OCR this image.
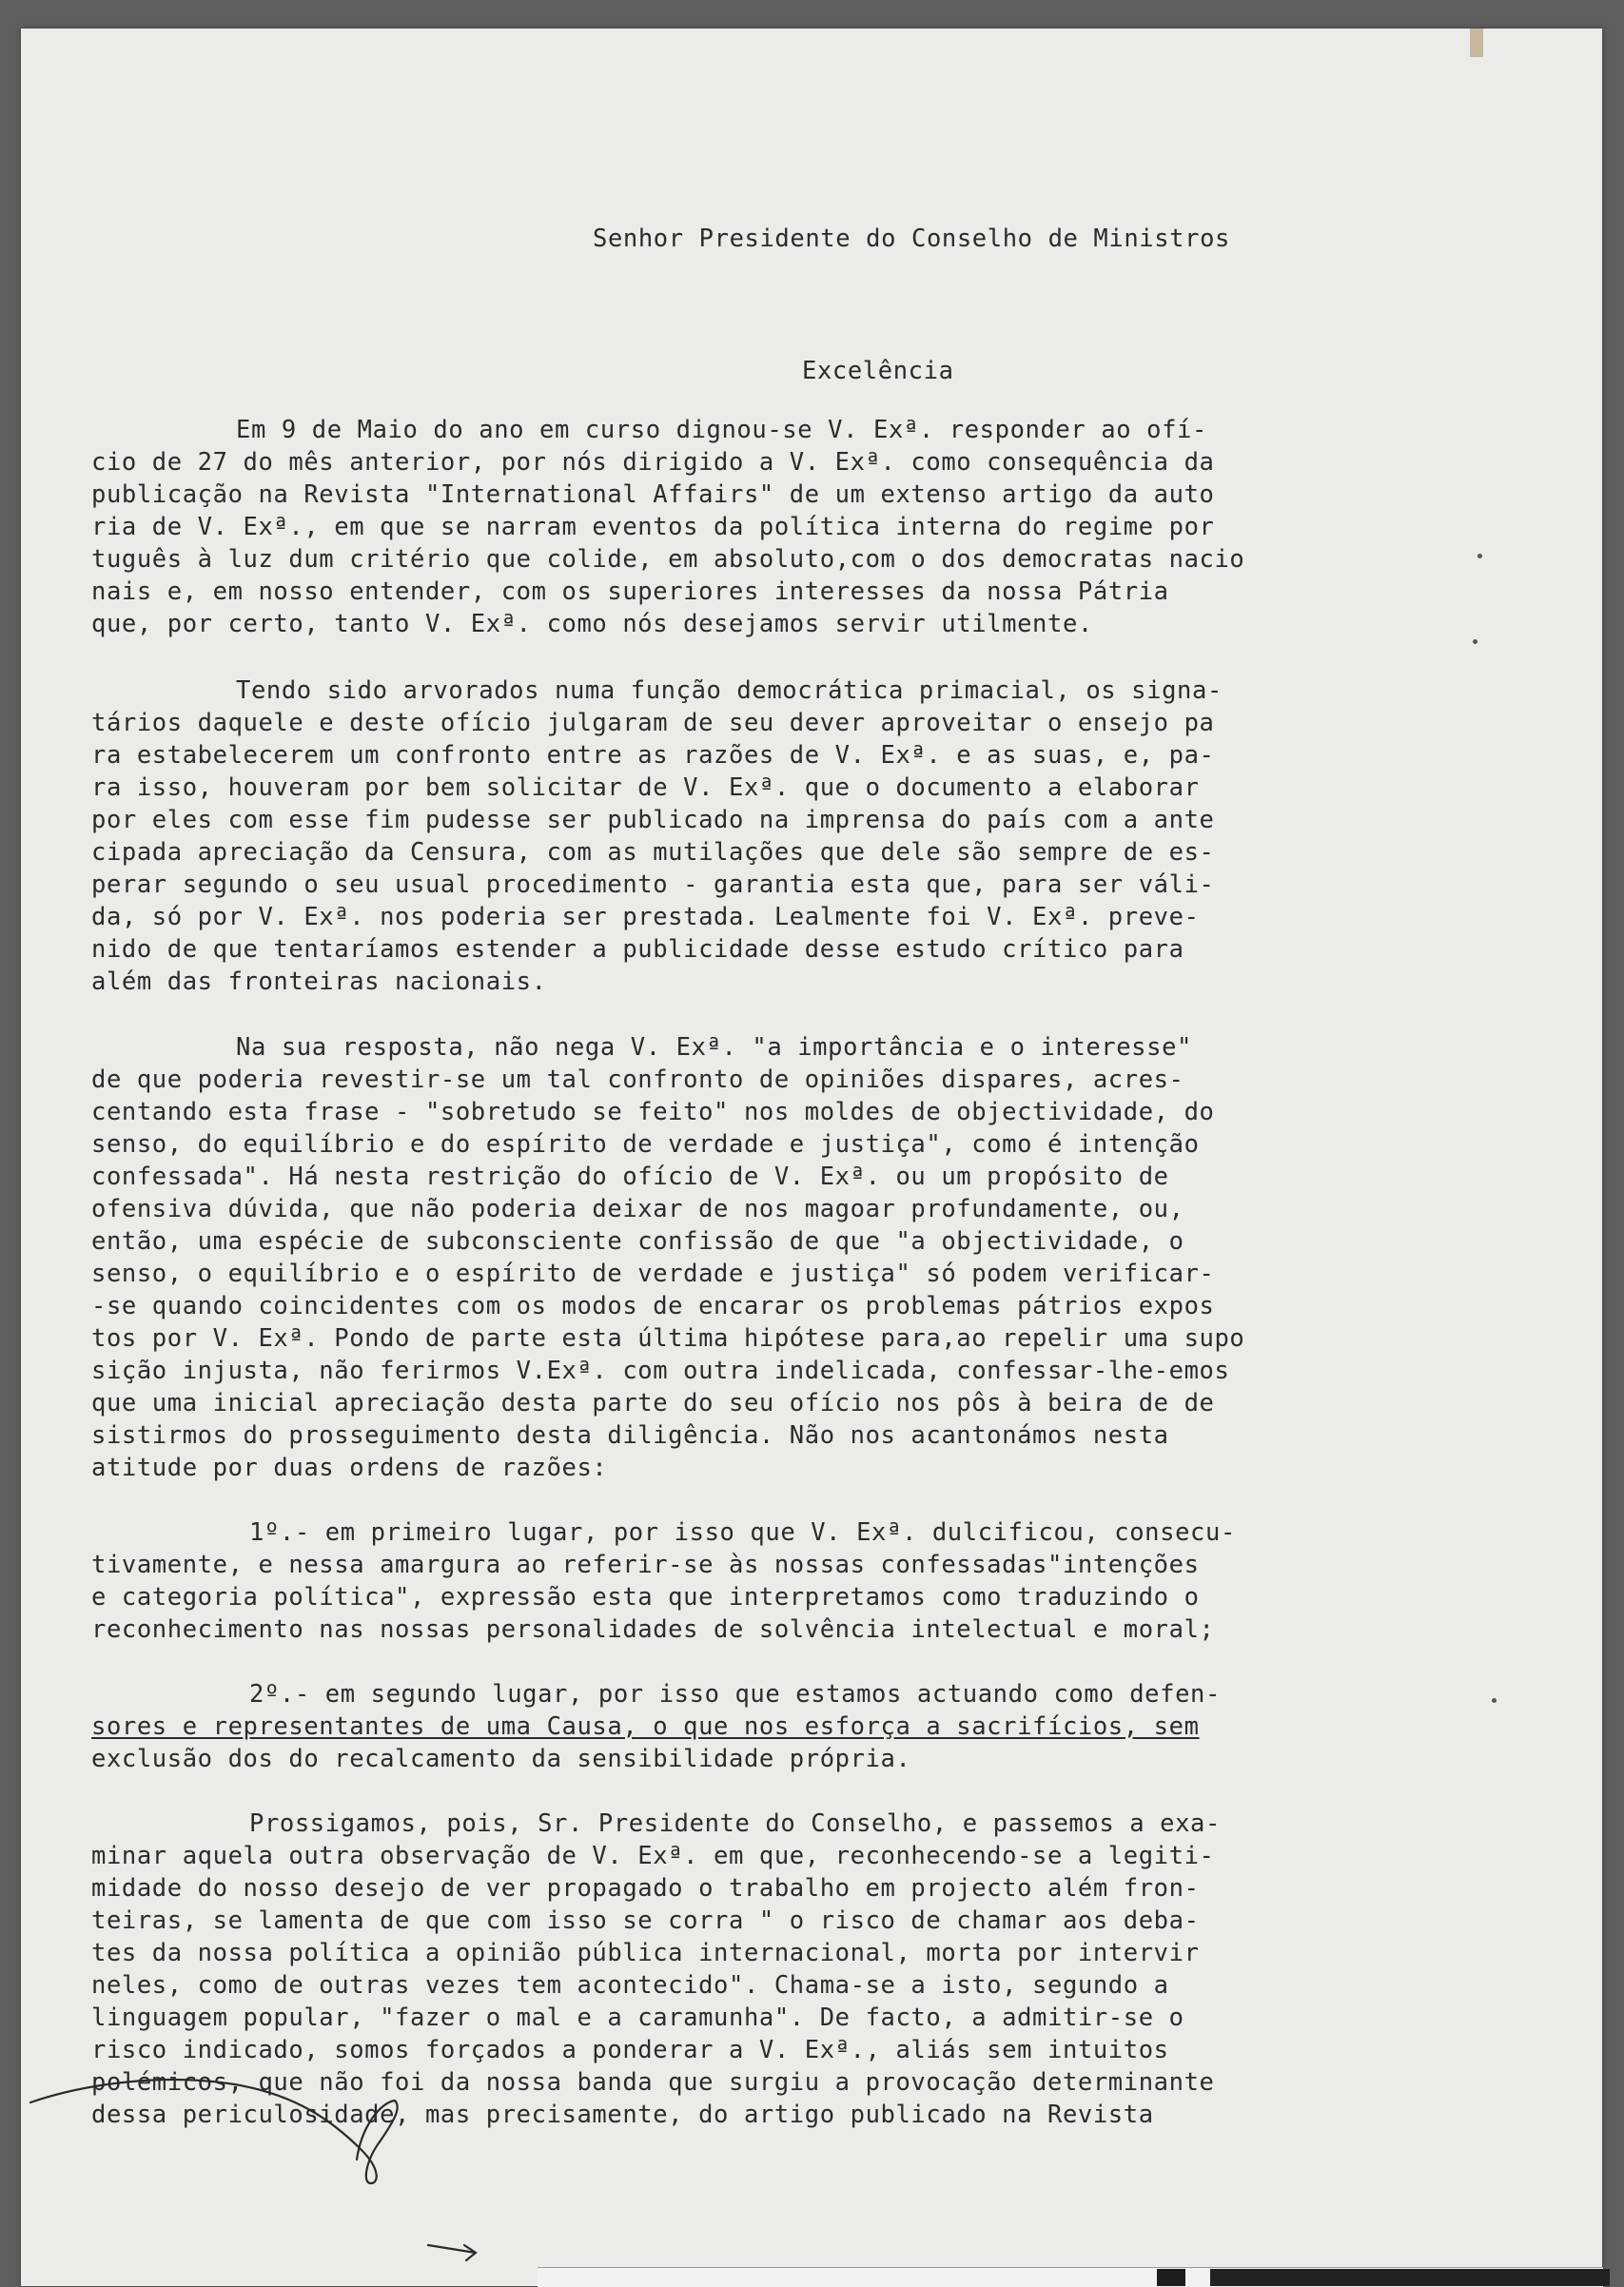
Senhor Presidente do Conselho de Ministros

Excelência

Em 9 de Maio do ano em curso dignou-se V. Exª. responder ao ofí-

cio de 27 do mês anterior, por nós dirigido a V. Exª. como consequência da

publicação na Revista "International Affairs" de um extenso artigo da auto

ria de V. Exª., em que se narram eventos da política interna do regime por

tuguês à luz dum critério que colide, em absoluto,com o dos democratas nacio

nais e, em nosso entender, com os superiores interesses da nossa Pátria

que, por certo, tanto V. Exª. como nós desejamos servir utilmente.

Tendo sido arvorados numa função democrática primacial, os signa-

tários daquele e deste ofício julgaram de seu dever aproveitar o ensejo pa

ra estabelecerem um confronto entre as razões de V. Exª. e as suas, e, pa-

ra isso, houveram por bem solicitar de V. Exª. que o documento a elaborar

por eles com esse fim pudesse ser publicado na imprensa do país com a ante

cipada apreciação da Censura, com as mutilações que dele são sempre de es-

perar segundo o seu usual procedimento - garantia esta que, para ser váli-

da, só por V. Exª. nos poderia ser prestada. Lealmente foi V. Exª. preve-

nido de que tentaríamos estender a publicidade desse estudo crítico para

além das fronteiras nacionais.

Na sua resposta, não nega V. Exª. "a importância e o interesse"

de que poderia revestir-se um tal confronto de opiniões dispares, acres-

centando esta frase - "sobretudo se feito" nos moldes de objectividade, do

senso, do equilíbrio e do espírito de verdade e justiça", como é intenção

confessada". Há nesta restrição do ofício de V. Exª. ou um propósito de

ofensiva dúvida, que não poderia deixar de nos magoar profundamente, ou,

então, uma espécie de subconsciente confissão de que "a objectividade, o

senso, o equilíbrio e o espírito de verdade e justiça" só podem verificar-

-se quando coincidentes com os modos de encarar os problemas pátrios expos

tos por V. Exª. Pondo de parte esta última hipótese para,ao repelir uma supo

sição injusta, não ferirmos V.Exª. com outra indelicada, confessar-lhe-emos

que uma inicial apreciação desta parte do seu ofício nos pôs à beira de de

sistirmos do prosseguimento desta diligência. Não nos acantonámos nesta

atitude por duas ordens de razões:

1º.- em primeiro lugar, por isso que V. Exª. dulcificou, consecu-

tivamente, e nessa amargura ao referir-se às nossas confessadas"intenções

e categoria política", expressão esta que interpretamos como traduzindo o

reconhecimento nas nossas personalidades de solvência intelectual e moral;

2º.- em segundo lugar, por isso que estamos actuando como defen-

sores e representantes de uma Causa, o que nos esforça a sacrifícios, sem

exclusão dos do recalcamento da sensibilidade própria.

Prossigamos, pois, Sr. Presidente do Conselho, e passemos a exa-

minar aquela outra observação de V. Exª. em que, reconhecendo-se a legiti-

midade do nosso desejo de ver propagado o trabalho em projecto além fron-

teiras, se lamenta de que com isso se corra " o risco de chamar aos deba-

tes da nossa política a opinião pública internacional, morta por intervir

neles, como de outras vezes tem acontecido". Chama-se a isto, segundo a

linguagem popular, "fazer o mal e a caramunha". De facto, a admitir-se o

risco indicado, somos forçados a ponderar a V. Exª., aliás sem intuitos

polémicos, que não foi da nossa banda que surgiu a provocação determinante

dessa periculosidade, mas precisamente, do artigo publicado na Revista
